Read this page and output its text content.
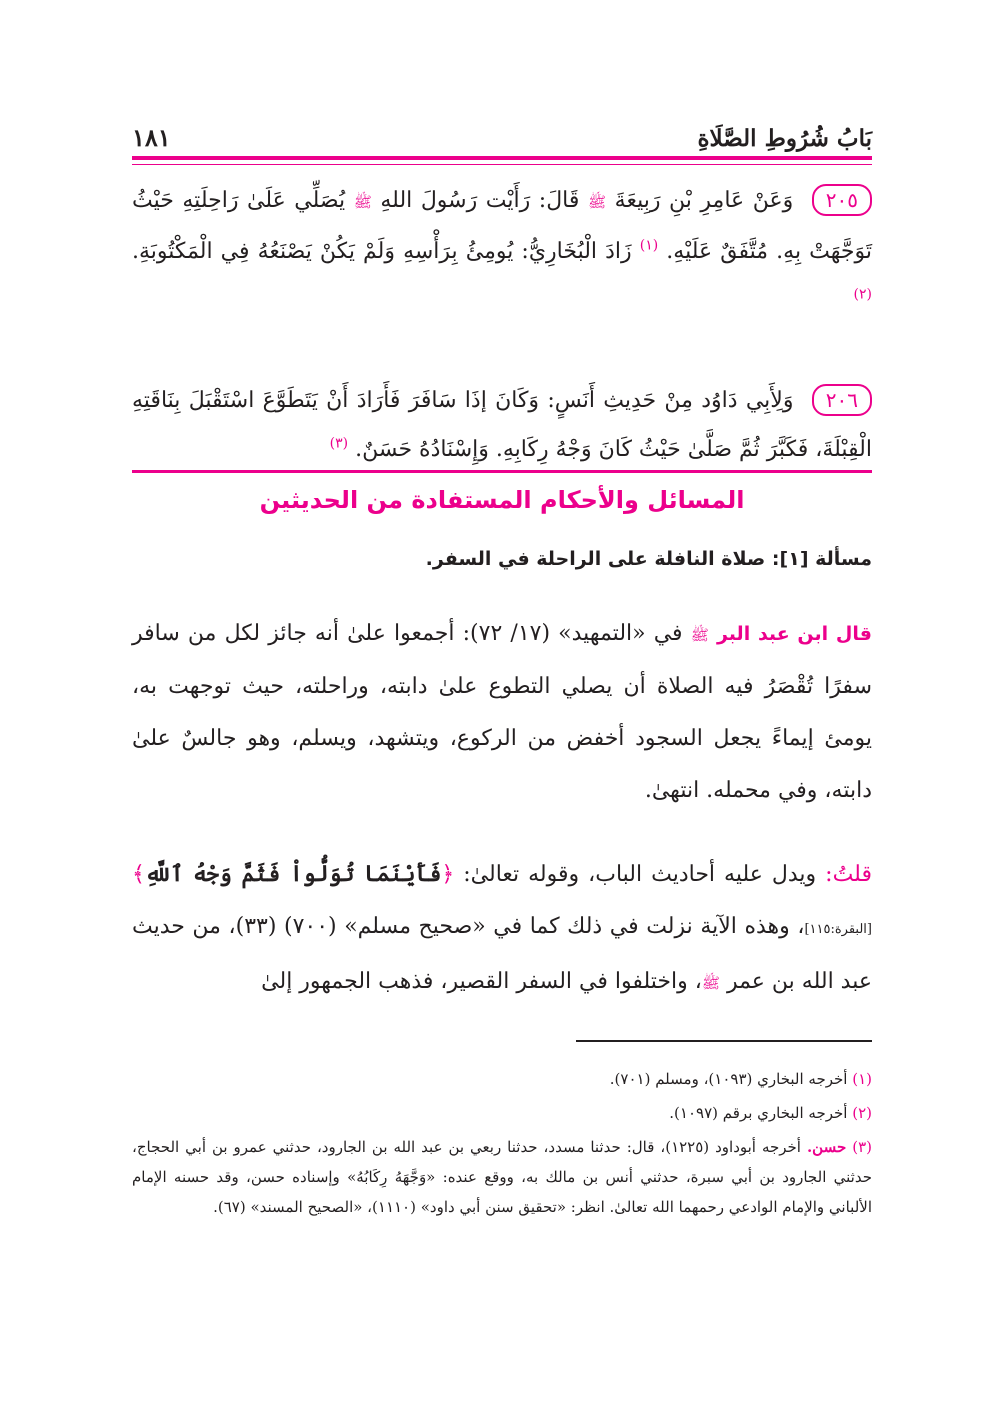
بَابُ شُرُوطِ الصَّلَاةِ
١٨١
٢٠٥ وَعَنْ عَامِرِ بْنِ رَبِيعَةَ ﷺ قَالَ: رَأَيْت رَسُولَ اللهِ ﷺ يُصَلِّي عَلَىٰ رَاحِلَتِهِ حَيْثُ تَوَجَّهَتْ بِهِ. مُتَّفَقٌ عَلَيْهِ. $^{(١)}$ زَادَ الْبُخَارِيُّ: يُومِئُ بِرَأْسِهِ وَلَمْ يَكُنْ يَصْنَعُهُ فِي الْمَكْتُوبَةِ. $^{(٢)}$
٢٠٦ وَلِأَبِي دَاوُد مِنْ حَدِيثِ أَنَسٍ: وَكَانَ إذَا سَافَرَ فَأَرَادَ أَنْ يَتَطَوَّعَ اسْتَقْبَلَ بِنَاقَتِهِ الْقِبْلَةَ، فَكَبَّرَ ثُمَّ صَلَّىٰ حَيْثُ كَانَ وَجْهُ رِكَابِهِ. وَإِسْنَادُهُ حَسَنٌ. $^{(٣)}$
المسائل والأحكام المستفادة من الحديثين
مسألة [١]: صلاة النافلة على الراحلة في السفر.
قال ابن عبد البر ﷺ في «التمهيد» (١٧/ ٧٢): أجمعوا علىٰ أنه جائز لكل من سافر سفرًا تُقْصَرُ فيه الصلاة أن يصلي التطوع علىٰ دابته، وراحلته، حيث توجهت به، يومئ إيماءً يجعل السجود أخفض من الركوع، ويتشهد، ويسلم، وهو جالسٌ علىٰ دابته، وفي محمله. انتهىٰ.
قلتُ: ويدل عليه أحاديث الباب، وقوله تعالىٰ: ﴿فَأَيْنَمَا تُوَلُّواْ فَثَمَّ وَجْهُ ٱللَّهِ﴾ [البقرة:١١٥]، وهذه الآية نزلت في ذلك كما في «صحيح مسلم» (٧٠٠) (٣٣)، من حديث عبد الله بن عمر ﷺ، واختلفوا في السفر القصير، فذهب الجمهور إلىٰ
(١) أخرجه البخاري (١٠٩٣)، ومسلم (٧٠١).
(٢) أخرجه البخاري برقم (١٠٩٧).
(٣) حسن. أخرجه أبوداود (١٢٢٥)، قال: حدثنا مسدد، حدثنا ربعي بن عبد الله بن الجارود، حدثني عمرو بن أبي الحجاج، حدثني الجارود بن أبي سبرة، حدثني أنس بن مالك به، ووقع عنده: «وَجَّهَهُ رِكَابُهُ» وإسناده حسن، وقد حسنه الإمام الألباني والإمام الوادعي رحمهما الله تعالىٰ. انظر: «تحقيق سنن أبي داود» (١١١٠)، «الصحيح المسند» (٦٧).
